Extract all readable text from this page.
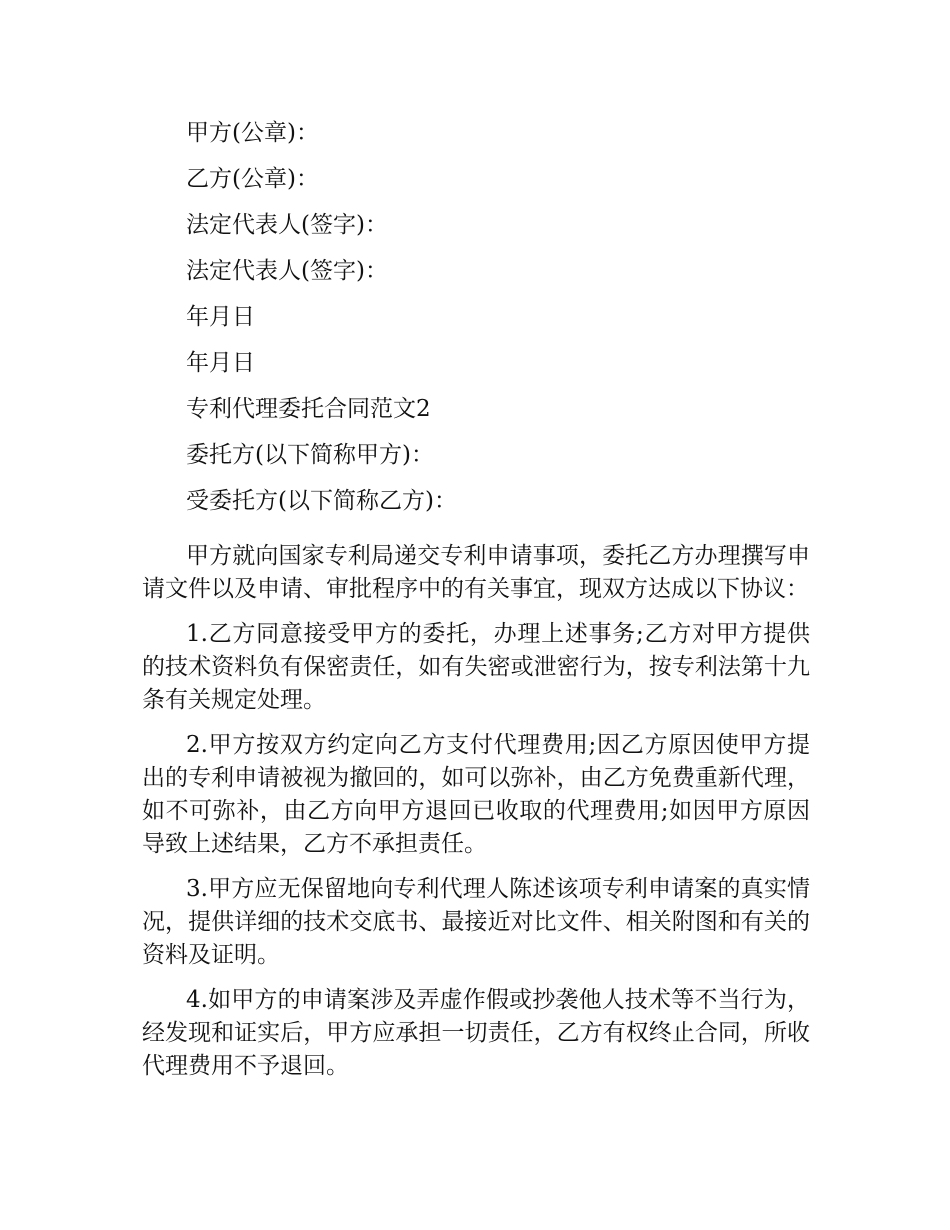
甲方(公章)：

乙方(公章)：

法定代表人(签字)：

法定代表人(签字)：

年月日

年月日

专利代理委托合同范文2

委托方(以下简称甲方)：

受委托方(以下简称乙方)：

甲方就向国家专利局递交专利申请事项，委托乙方办理撰写申请文件以及申请、审批程序中的有关事宜，现双方达成以下协议：

1.乙方同意接受甲方的委托，办理上述事务;乙方对甲方提供的技术资料负有保密责任，如有失密或泄密行为，按专利法第十九条有关规定处理。

2.甲方按双方约定向乙方支付代理费用;因乙方原因使甲方提出的专利申请被视为撤回的，如可以弥补，由乙方免费重新代理，如不可弥补，由乙方向甲方退回已收取的代理费用;如因甲方原因导致上述结果，乙方不承担责任。

3.甲方应无保留地向专利代理人陈述该项专利申请案的真实情况，提供详细的技术交底书、最接近对比文件、相关附图和有关的资料及证明。

4.如甲方的申请案涉及弄虚作假或抄袭他人技术等不当行为，经发现和证实后，甲方应承担一切责任，乙方有权终止合同，所收代理费用不予退回。
